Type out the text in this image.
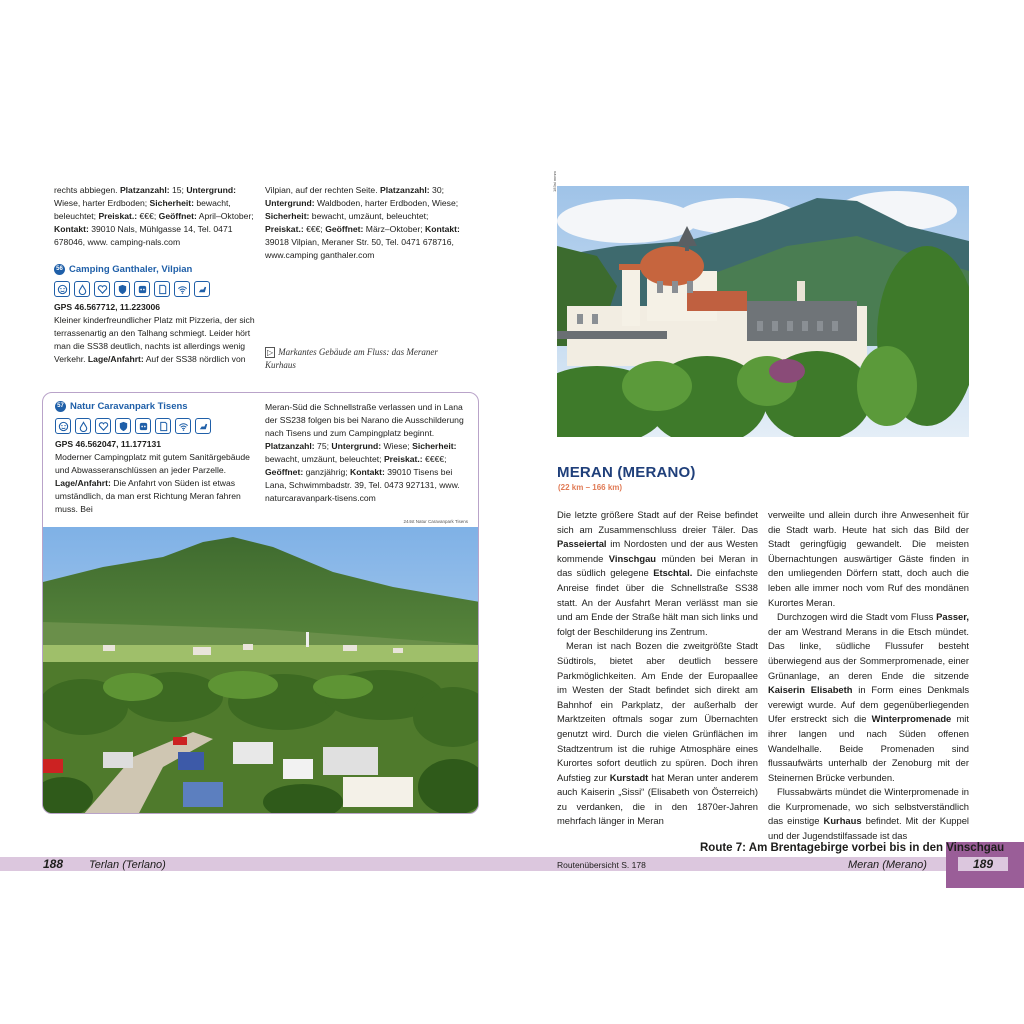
rechts abbiegen. Platzanzahl: 15; Untergrund: Wiese, harter Erdboden; Sicherheit: bewacht, beleuchtet; Preiskat.: €€€; Geöffnet: April–Oktober; Kontakt: 39010 Nals, Mühlgasse 14, Tel. 0471 678046, www. camping-nals.com
Vilpian, auf der rechten Seite. Platzanzahl: 30; Untergrund: Waldboden, harter Erdboden, Wiese; Sicherheit: bewacht, umzäunt, beleuchtet; Preiskat.: €€€; Geöffnet: März–Oktober; Kontakt: 39018 Vilpian, Meraner Str. 50, Tel. 0471 678716, www.camping ganthaler.com
56 Camping Ganthaler, Vilpian
GPS 46.567712, 11.223006
Kleiner kinderfreundlicher Platz mit Pizzeria, der sich terrassenartig an den Talhang schmiegt. Leider hört man die SS38 deutlich, nachts ist allerdings wenig Verkehr. Lage/Anfahrt: Auf der SS38 nördlich von
▷ Markantes Gebäude am Fluss: das Meraner Kurhaus
57 Natur Caravanpark Tisens
GPS 46.562047, 11.177131
Moderner Campingplatz mit gutem Sanitärgebäude und Abwasseranschlüssen an jeder Parzelle. Lage/Anfahrt: Die Anfahrt von Süden ist etwas umständlich, da man erst Richtung Meran fahren muss. Bei
Meran-Süd die Schnellstraße verlassen und in Lana der SS238 folgen bis bei Narano die Ausschilderung nach Tisens und zum Campingplatz beginnt. Platzanzahl: 75; Untergrund: Wiese; Sicherheit: bewacht, umzäunt, beleuchtet; Preiskat.: €€€€; Geöffnet: ganzjährig; Kontakt: 39010 Tisens bei Lana, Schwimmbadstr. 39, Tel. 0473 927131, www. naturcaravanpark-tisens.com
244st Natur Caravanpark Tisens
183st mmm
MERAN (MERANO)
(22 km – 166 km)

Die letzte größere Stadt auf der Reise befindet sich am Zusammenschluss dreier Täler. Das Passeiertal im Nordosten und der aus Westen kommende Vinschgau münden bei Meran in das südlich gelegene Etschtal. Die einfachste Anreise findet über die Schnellstraße SS38 statt. An der Ausfahrt Meran verlässt man sie und am Ende der Straße hält man sich links und folgt der Beschilderung ins Zentrum.

Meran ist nach Bozen die zweitgrößte Stadt Südtirols, bietet aber deutlich bessere Parkmöglichkeiten. Am Ende der Europaallee im Westen der Stadt befindet sich direkt am Bahnhof ein Parkplatz, der außerhalb der Marktzeiten oftmals sogar zum Übernachten genutzt wird. Durch die vielen Grünflächen im Stadtzentrum ist die ruhige Atmosphäre eines Kurortes sofort deutlich zu spüren. Doch ihren Aufstieg zur Kurstadt hat Meran unter anderem auch Kaiserin „Sissi“ (Elisabeth von Österreich) zu verdanken, die in den 1870er-Jahren mehrfach länger in Meran

verweilte und allein durch ihre Anwesenheit für die Stadt warb. Heute hat sich das Bild der Stadt geringfügig gewandelt. Die meisten Übernachtungen auswärtiger Gäste finden in den umliegenden Dörfern statt, doch auch die leben alle immer noch vom Ruf des mondänen Kurortes Meran.

Durchzogen wird die Stadt vom Fluss Passer, der am Westrand Merans in die Etsch mündet. Das linke, südliche Flussufer besteht überwiegend aus der Sommerpromenade, einer Grünanlage, an deren Ende die sitzende Kaiserin Elisabeth in Form eines Denkmals verewigt wurde. Auf dem gegenüberliegenden Ufer erstreckt sich die Winterpromenade mit ihrer langen und nach Süden offenen Wandelhalle. Beide Promenaden sind flussaufwärts unterhalb der Zenoburg mit der Steinernen Brücke verbunden.

Flussabwärts mündet die Winterpromenade in die Kurpromenade, wo sich selbstverständlich das einstige Kurhaus befindet. Mit der Kuppel und der Jugendstilfassade ist das

188 Terlan (Terlano)	Routenübersicht S. 178
Route 7: Am Brentagebirge vorbei bis in den Vinschgau
Meran (Merano)	189
